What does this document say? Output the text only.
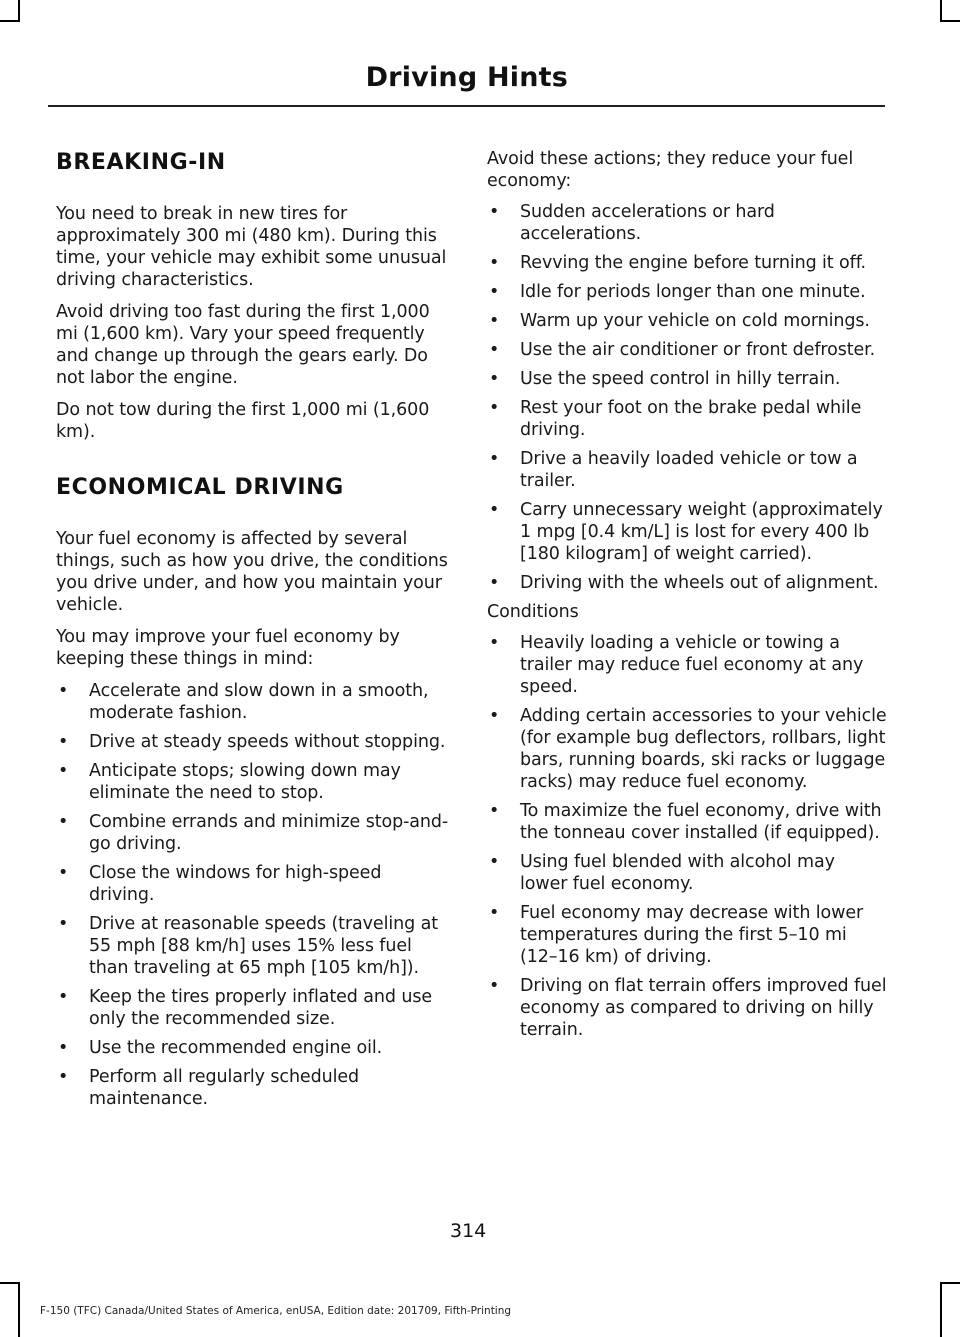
Driving Hints
BREAKING-IN

You need to break in new tires for approximately 300 mi (480 km). During this time, your vehicle may exhibit some unusual driving characteristics.

Avoid driving too fast during the first 1,000 mi (1,600 km). Vary your speed frequently and change up through the gears early. Do not labor the engine.

Do not tow during the first 1,000 mi (1,600 km).

ECONOMICAL DRIVING

Your fuel economy is affected by several things, such as how you drive, the conditions you drive under, and how you maintain your vehicle.

You may improve your fuel economy by keeping these things in mind:

• Accelerate and slow down in a smooth, moderate fashion.
• Drive at steady speeds without stopping.
• Anticipate stops; slowing down may eliminate the need to stop.
• Combine errands and minimize stop-and-go driving.
• Close the windows for high-speed driving.
• Drive at reasonable speeds (traveling at 55 mph [88 km/h] uses 15% less fuel than traveling at 65 mph [105 km/h]).
• Keep the tires properly inflated and use only the recommended size.
• Use the recommended engine oil.
• Perform all regularly scheduled maintenance.

Avoid these actions; they reduce your fuel economy:

• Sudden accelerations or hard accelerations.
• Revving the engine before turning it off.
• Idle for periods longer than one minute.
• Warm up your vehicle on cold mornings.
• Use the air conditioner or front defroster.
• Use the speed control in hilly terrain.
• Rest your foot on the brake pedal while driving.
• Drive a heavily loaded vehicle or tow a trailer.
• Carry unnecessary weight (approximately 1 mpg [0.4 km/L] is lost for every 400 lb [180 kilogram] of weight carried).
• Driving with the wheels out of alignment.

Conditions

• Heavily loading a vehicle or towing a trailer may reduce fuel economy at any speed.
• Adding certain accessories to your vehicle (for example bug deflectors, rollbars, light bars, running boards, ski racks or luggage racks) may reduce fuel economy.
• To maximize the fuel economy, drive with the tonneau cover installed (if equipped).
• Using fuel blended with alcohol may lower fuel economy.
• Fuel economy may decrease with lower temperatures during the first 5–10 mi (12–16 km) of driving.
• Driving on flat terrain offers improved fuel economy as compared to driving on hilly terrain.
314
F-150 (TFC) Canada/United States of America, enUSA, Edition date: 201709, Fifth-Printing
